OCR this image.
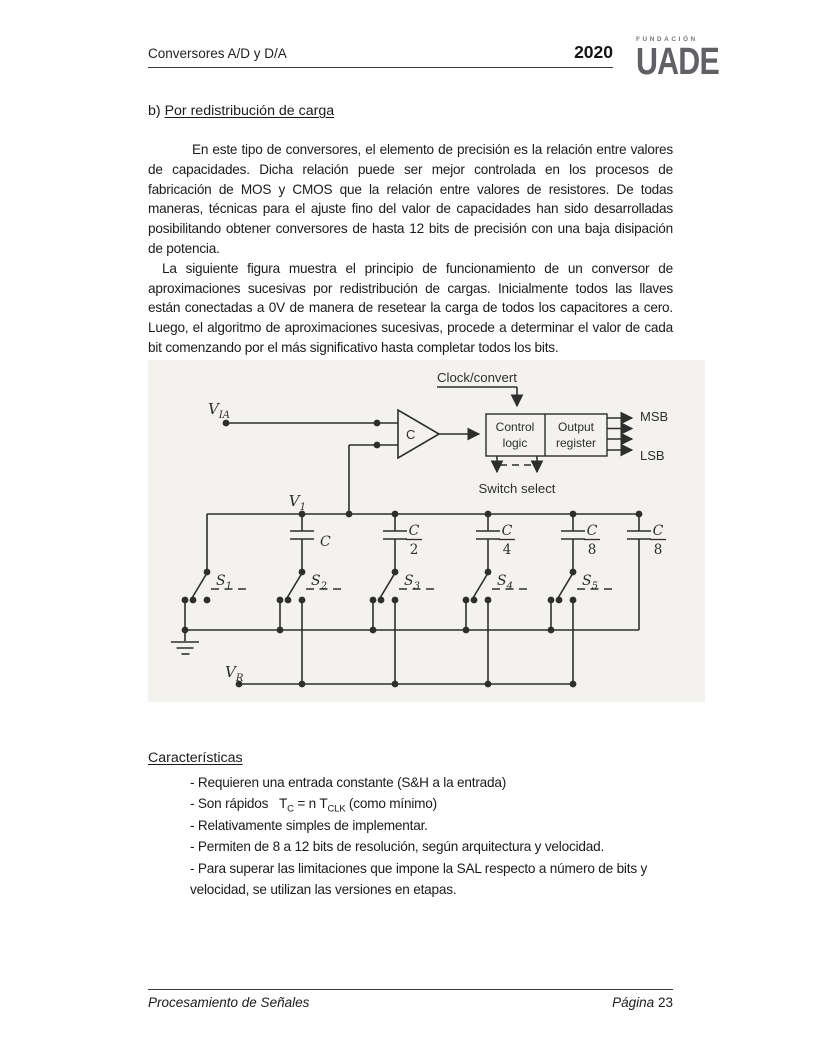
Conversores A/D y D/A	2020
FUNDACIÓN
UADE
b) Por redistribución de carga

En este tipo de conversores, el elemento de precisión es la relación entre valores de capacidades. Dicha relación puede ser mejor controlada en los procesos de fabricación de MOS y CMOS que la relación entre valores de resistores. De todas maneras, técnicas para el ajuste fino del valor de capacidades han sido desarrolladas posibilitando obtener conversores de hasta 12 bits de precisión con una baja disipación de potencia.

La siguiente figura muestra el principio de funcionamiento de un conversor de aproximaciones sucesivas por redistribución de cargas. Inicialmente todos las llaves están conectadas a 0V de manera de resetear la carga de todos los capacitores a cero. Luego, el algoritmo de aproximaciones sucesivas, procede a determinar el valor de cada bit comenzando por el más significativo hasta completar todos los bits.

Clock/convert
C	Control
logic
Output
register
MSB
LSB
Switch select
$V_{IA}$
$V_1$
$V_R$
C
C
2
C
4
C
8
C
8
$S_1$	$S_2$	$S_3$	$S_4$	$S_5$
Características
- Requieren una entrada constante (S&H a la entrada)
- Son rápidos   $T_C = n$ $T_{CLK}$ (como mínimo)
- Relativamente simples de implementar.
- Permiten de 8 a 12 bits de resolución, según arquitectura y velocidad.
- Para superar las limitaciones que impone la SAL respecto a número de bits y velocidad, se utilizan las versiones en etapas.
Procesamiento de Señales	Página 23
